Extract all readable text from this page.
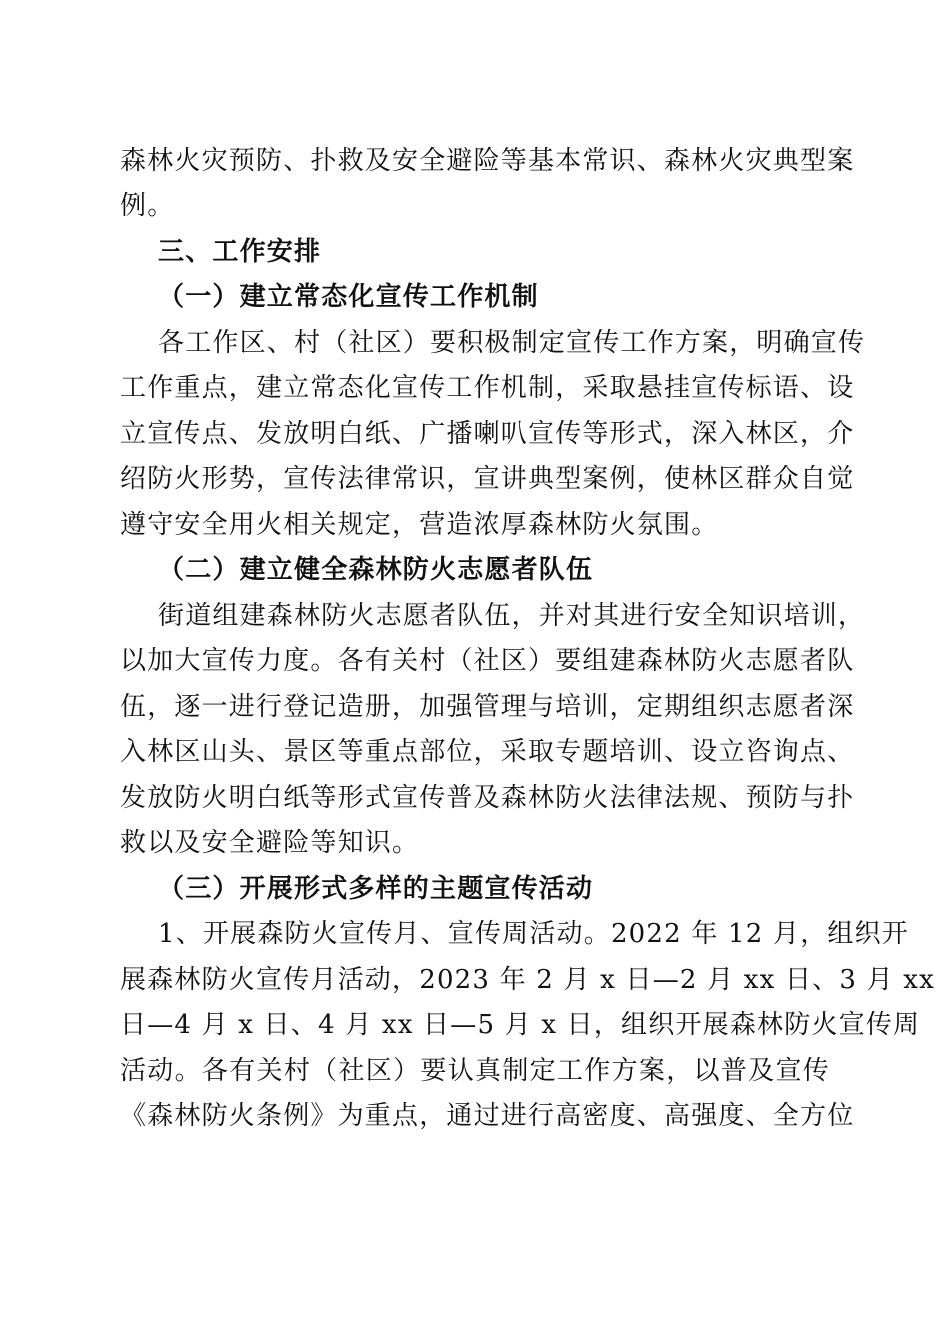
森林火灾预防、扑救及安全避险等基本常识、森林火灾典型案
例。
三、工作安排
（一）建立常态化宣传工作机制
各工作区、村（社区）要积极制定宣传工作方案，明确宣传
工作重点，建立常态化宣传工作机制，采取悬挂宣传标语、设
立宣传点、发放明白纸、广播喇叭宣传等形式，深入林区，介
绍防火形势，宣传法律常识，宣讲典型案例，使林区群众自觉
遵守安全用火相关规定，营造浓厚森林防火氛围。
（二）建立健全森林防火志愿者队伍
街道组建森林防火志愿者队伍，并对其进行安全知识培训，
以加大宣传力度。各有关村（社区）要组建森林防火志愿者队
伍，逐一进行登记造册，加强管理与培训，定期组织志愿者深
入林区山头、景区等重点部位，采取专题培训、设立咨询点、
发放防火明白纸等形式宣传普及森林防火法律法规、预防与扑
救以及安全避险等知识。
（三）开展形式多样的主题宣传活动
1、开展森防火宣传月、宣传周活动。2022 年 12 月，组织开
展森林防火宣传月活动，2023 年 2 月 x 日—2 月 xx 日、3 月 xx
日—4 月 x 日、4 月 xx 日—5 月 x 日，组织开展森林防火宣传周
活动。各有关村（社区）要认真制定工作方案，以普及宣传
《森林防火条例》为重点，通过进行高密度、高强度、全方位
